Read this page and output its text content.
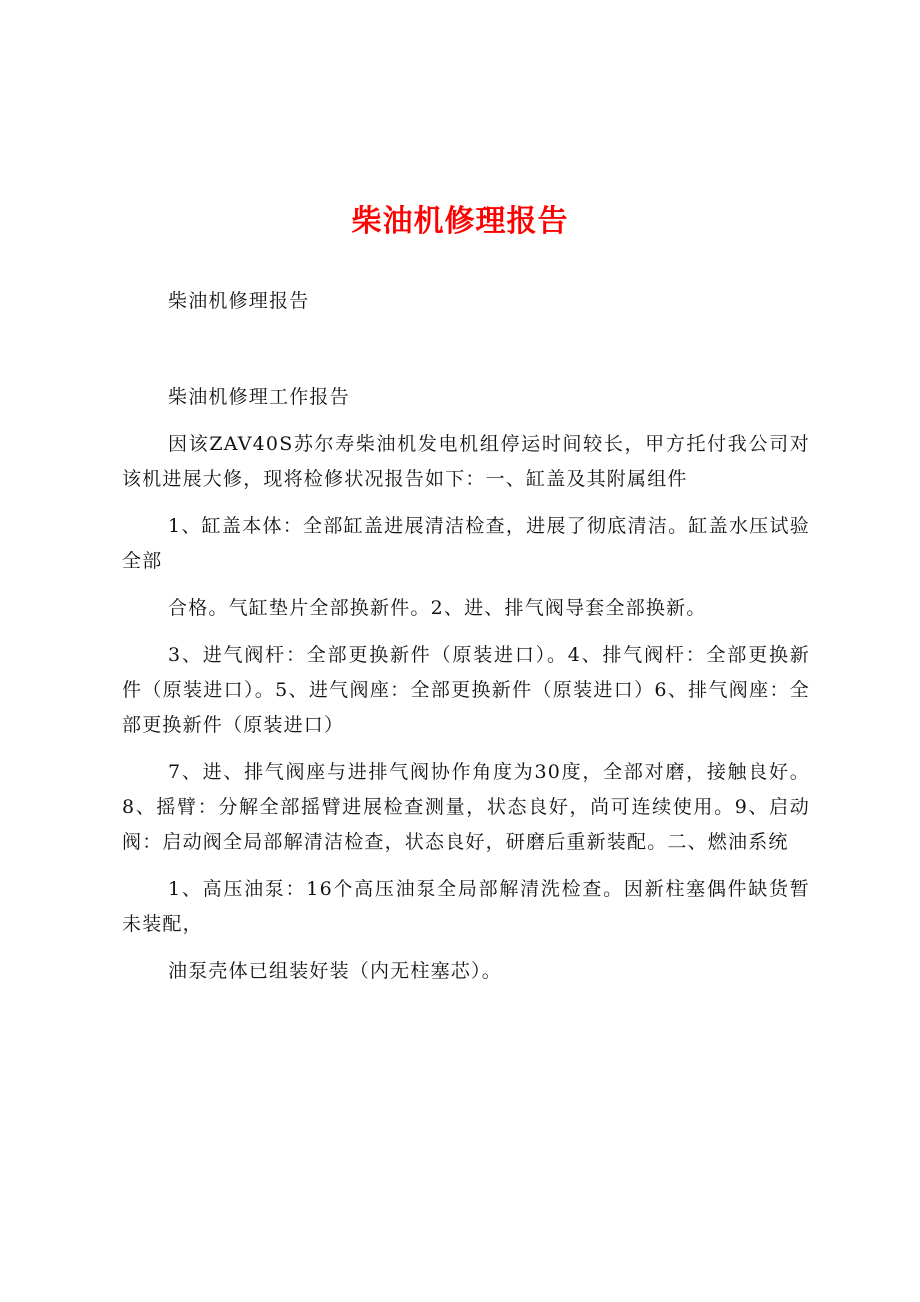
柴油机修理报告

柴油机修理报告

柴油机修理工作报告

因该ZAV40S苏尔寿柴油机发电机组停运时间较长，甲方托付我公司对该机进展大修，现将检修状况报告如下：一、缸盖及其附属组件

1、缸盖本体：全部缸盖进展清洁检查，进展了彻底清洁。缸盖水压试验全部

合格。气缸垫片全部换新件。2、进、排气阀导套全部换新。

3、进气阀杆：全部更换新件（原装进口）。4、排气阀杆：全部更换新件（原装进口）。5、进气阀座：全部更换新件（原装进口）6、排气阀座：全部更换新件（原装进口）

7、进、排气阀座与进排气阀协作角度为30度，全部对磨，接触良好。8、摇臂：分解全部摇臂进展检查测量，状态良好，尚可连续使用。9、启动阀：启动阀全局部解清洁检查，状态良好，研磨后重新装配。二、燃油系统

1、高压油泵：16个高压油泵全局部解清洗检查。因新柱塞偶件缺货暂未装配，

油泵壳体已组装好装（内无柱塞芯）。
